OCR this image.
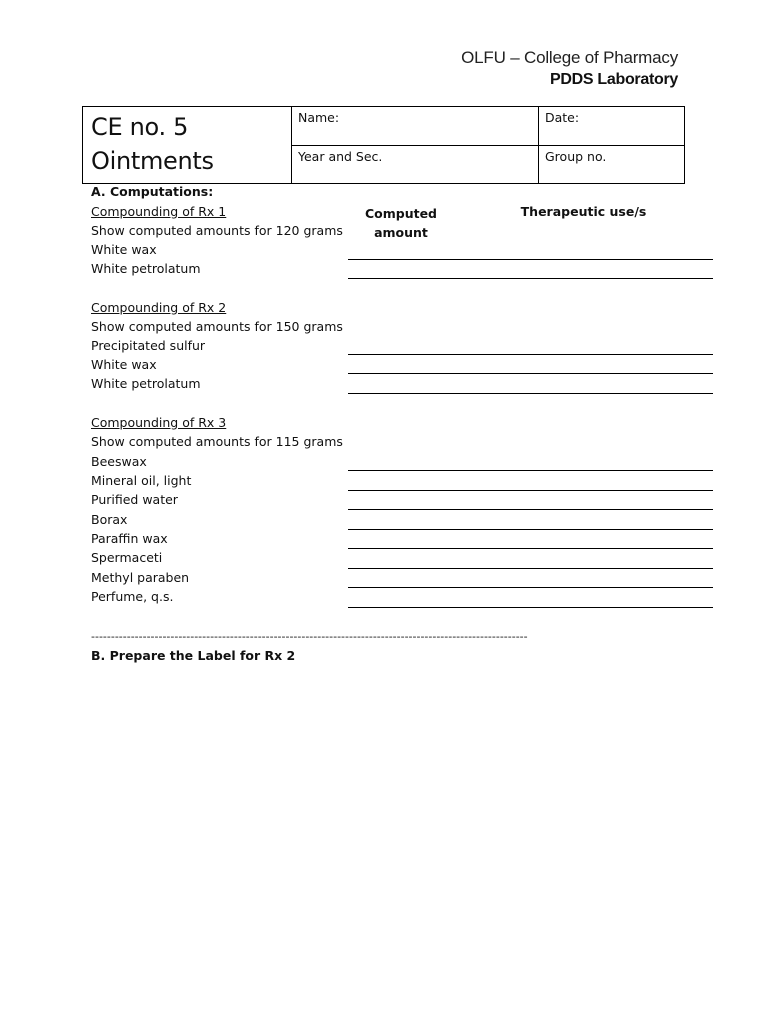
OLFU – College of Pharmacy
PDDS Laboratory
CE no. 5
Ointments	Name:	Date:

	Year and Sec.	Group no.
A. Computations:
Computed
amount
Therapeutic use/s
Compounding of Rx 1
Show computed amounts for 120 grams
White wax
White petrolatum
Compounding of Rx 2
Show computed amounts for 150 grams
Precipitated sulfur
White wax
White petrolatum
Compounding of Rx 3
Show computed amounts for 115 grams
Beeswax
Mineral oil, light
Purified water
Borax
Paraffin wax
Spermaceti
Methyl paraben
Perfume, q.s.
--------------------------------------------------------------------------------------------------------------
B. Prepare the Label for Rx 2
